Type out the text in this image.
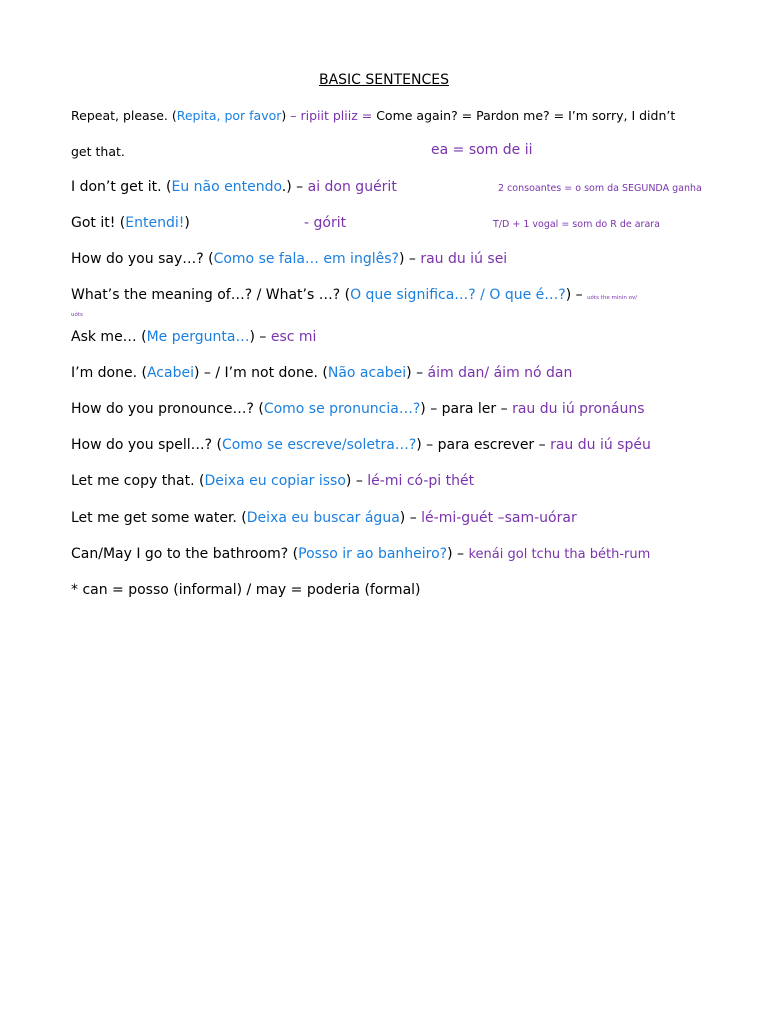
BASIC SENTENCES
Repeat, please. (Repita, por favor) – ripiit pliiz = Come again? = Pardon me? = I’m sorry, I didn’t
get that.	ea = som de ii
I don’t get it. (Eu não entendo.) – ai don guérit	2 consoantes = o som da SEGUNDA ganha
Got it! (Entendi!)	- górit	T/D + 1 vogal = som do R de arara
How do you say…? (Como se fala… em inglês?) – rau du iú sei
What’s the meaning of…? / What’s …? (O que significa…? / O que é…?) – uóts the minin ov/
uóts
Ask me… (Me pergunta…) – esc mi
I’m done. (Acabei) – / I’m not done. (Não acabei) – áim dan/ áim nó dan
How do you pronounce…? (Como se pronuncia…?) – para ler – rau du iú pronáuns
How do you spell…? (Como se escreve/soletra…?) – para escrever – rau du iú spéu
Let me copy that. (Deixa eu copiar isso) – lé-mi có-pi thét
Let me get some water. (Deixa eu buscar água) – lé-mi-guét –sam-uórar
Can/May I go to the bathroom? (Posso ir ao banheiro?) – kenái gol tchu tha béth-rum
* can = posso (informal) / may = poderia (formal)
